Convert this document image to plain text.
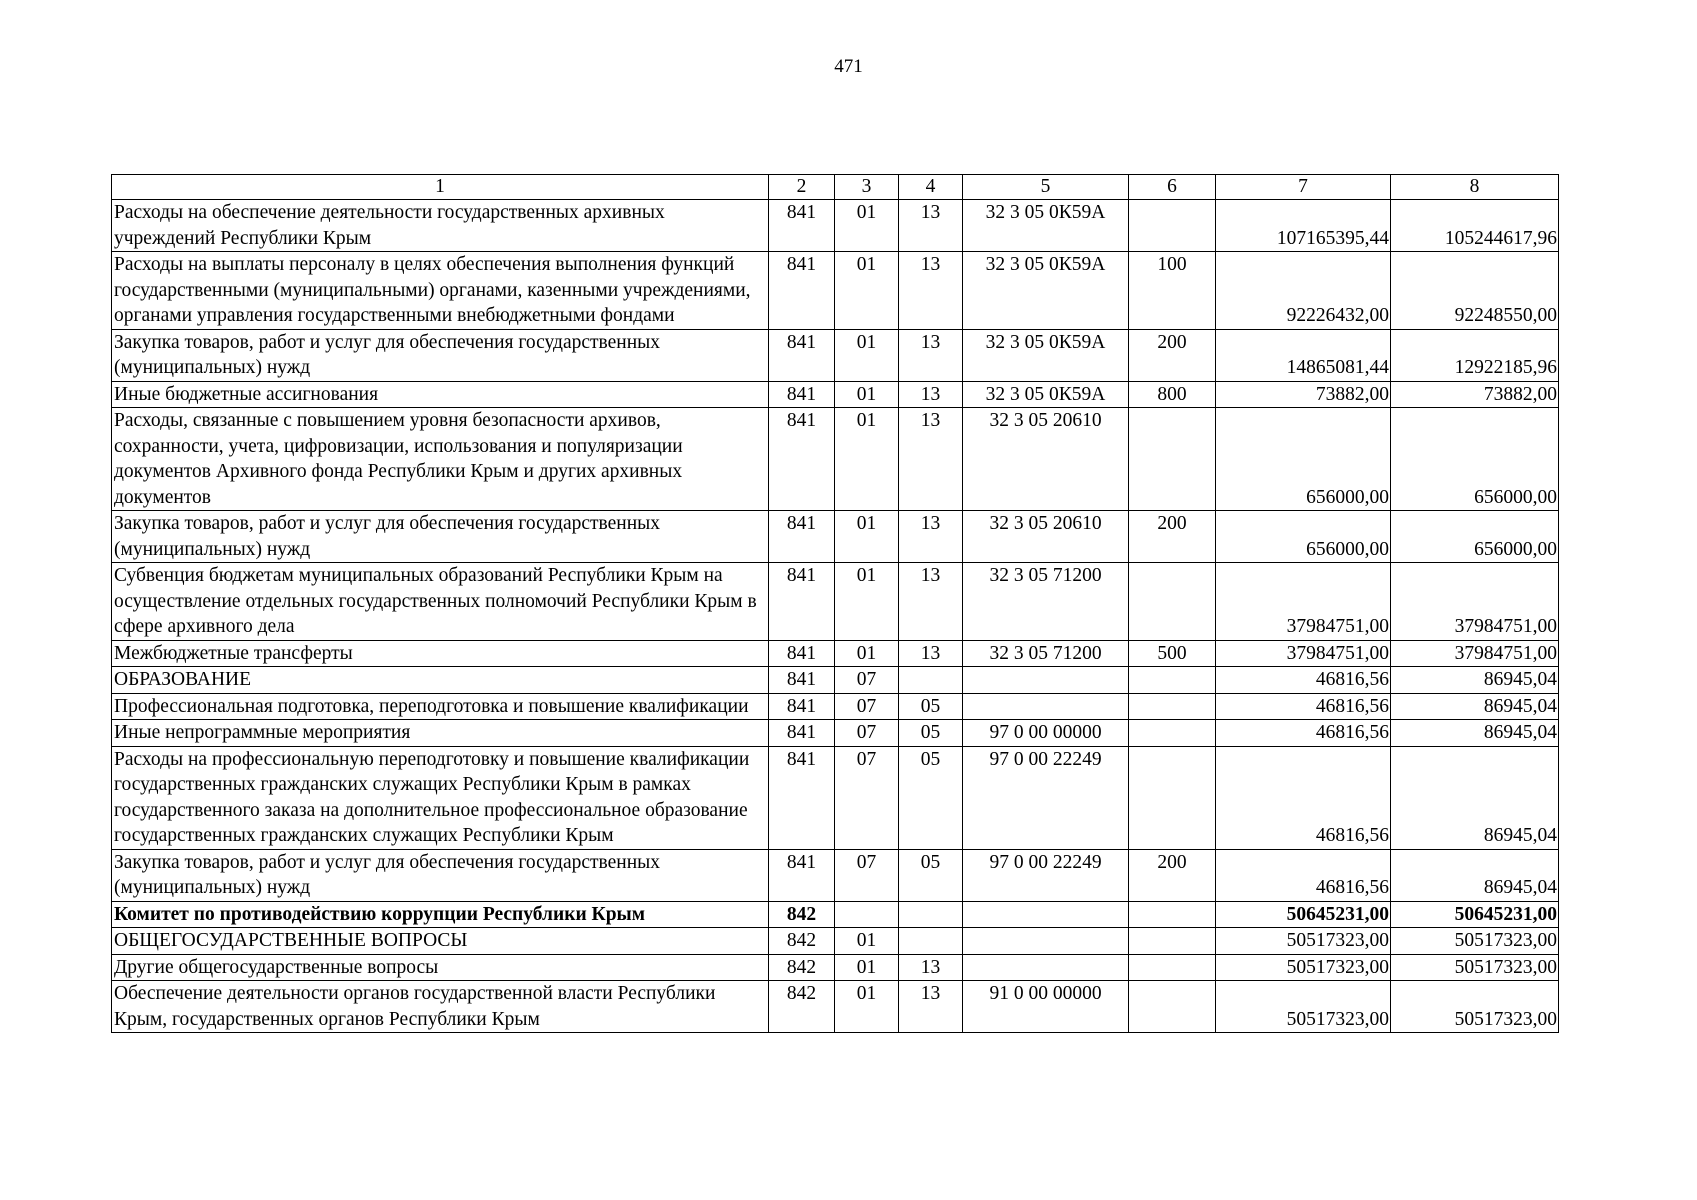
471
1	2	3	4	5	6	7	8
Расходы на обеспечение деятельности государственных архивных учреждений Республики Крым	841	01	13	32 3 05 0К59А		107165395,44	105244617,96
Расходы на выплаты персоналу в целях обеспечения выполнения функций государственными (муниципальными) органами, казенными учреждениями, органами управления государственными внебюджетными фондами	841	01	13	32 3 05 0К59А	100	92226432,00	92248550,00
Закупка товаров, работ и услуг для обеспечения государственных (муниципальных) нужд	841	01	13	32 3 05 0К59А	200	14865081,44	12922185,96
Иные бюджетные ассигнования	841	01	13	32 3 05 0К59А	800	73882,00	73882,00
Расходы, связанные с повышением уровня безопасности архивов, сохранности, учета, цифровизации, использования и популяризации документов Архивного фонда Республики Крым и других архивных документов	841	01	13	32 3 05 20610		656000,00	656000,00
Закупка товаров, работ и услуг для обеспечения государственных (муниципальных) нужд	841	01	13	32 3 05 20610	200	656000,00	656000,00
Субвенция бюджетам муниципальных образований Республики Крым на осуществление отдельных государственных полномочий Республики Крым в сфере архивного дела	841	01	13	32 3 05 71200		37984751,00	37984751,00
Межбюджетные трансферты	841	01	13	32 3 05 71200	500	37984751,00	37984751,00
ОБРАЗОВАНИЕ	841	07				46816,56	86945,04
Профессиональная подготовка, переподготовка и повышение квалификации	841	07	05			46816,56	86945,04
Иные непрограммные мероприятия	841	07	05	97 0 00 00000		46816,56	86945,04
Расходы на профессиональную переподготовку и повышение квалификации государственных гражданских служащих Республики Крым в рамках государственного заказа на дополнительное профессиональное образование государственных гражданских служащих Республики Крым	841	07	05	97 0 00 22249		46816,56	86945,04
Закупка товаров, работ и услуг для обеспечения государственных (муниципальных) нужд	841	07	05	97 0 00 22249	200	46816,56	86945,04
Комитет по противодействию коррупции Республики Крым	842					50645231,00	50645231,00
ОБЩЕГОСУДАРСТВЕННЫЕ ВОПРОСЫ	842	01				50517323,00	50517323,00
Другие общегосударственные вопросы	842	01	13			50517323,00	50517323,00
Обеспечение деятельности органов государственной власти Республики Крым, государственных органов Республики Крым	842	01	13	91 0 00 00000		50517323,00	50517323,00
